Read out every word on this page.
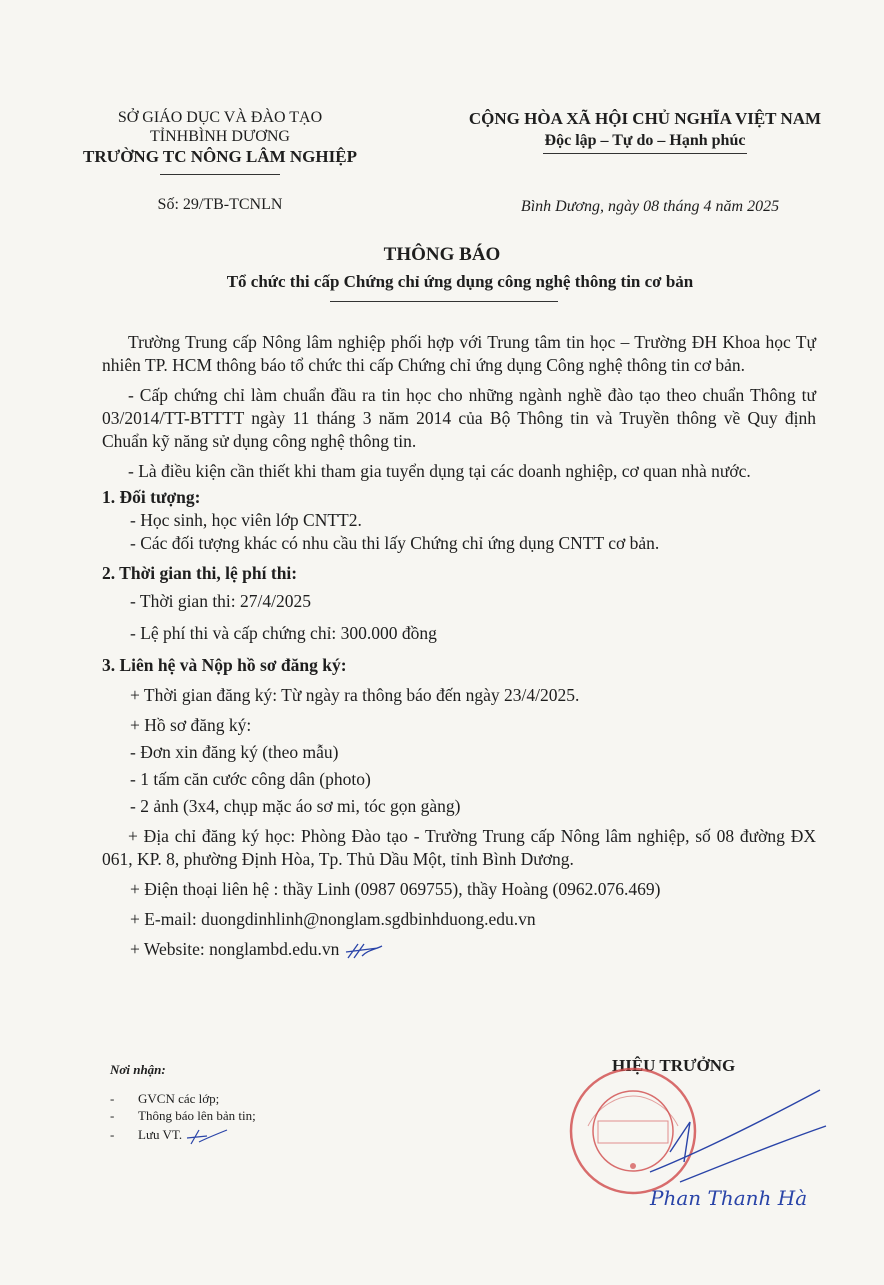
SỞ GIÁO DỤC VÀ ĐÀO TẠO
TỈNHBÌNH DƯƠNG
TRƯỜNG TC NÔNG LÂM NGHIỆP
CỘNG HÒA XÃ HỘI CHỦ NGHĨA VIỆT NAM
Độc lập – Tự do – Hạnh phúc
Số: 29/TB-TCNLN	Bình Dương, ngày 08 tháng 4 năm 2025
THÔNG BÁO
Tổ chức thi cấp Chứng chỉ ứng dụng công nghệ thông tin cơ bản

Trường Trung cấp Nông lâm nghiệp phối hợp với Trung tâm tin học – Trường ĐH Khoa học Tự nhiên TP. HCM thông báo tổ chức thi cấp Chứng chỉ ứng dụng Công nghệ thông tin cơ bản.

- Cấp chứng chỉ làm chuẩn đầu ra tin học cho những ngành nghề đào tạo theo chuẩn Thông tư 03/2014/TT-BTTTT ngày 11 tháng 3 năm 2014 của Bộ Thông tin và Truyền thông về Quy định Chuẩn kỹ năng sử dụng công nghệ thông tin.

- Là điều kiện cần thiết khi tham gia tuyển dụng tại các doanh nghiệp, cơ quan nhà nước.

1. Đối tượng:

- Học sinh, học viên lớp CNTT2.

- Các đối tượng khác có nhu cầu thi lấy Chứng chỉ ứng dụng CNTT cơ bản.

2. Thời gian thi, lệ phí thi:

- Thời gian thi: 27/4/2025

- Lệ phí thi và cấp chứng chỉ: 300.000 đồng

3. Liên hệ và Nộp hồ sơ đăng ký:

+ Thời gian đăng ký: Từ ngày ra thông báo đến ngày 23/4/2025.

+ Hồ sơ đăng ký:

- Đơn xin đăng ký (theo mẫu)

- 1 tấm căn cước công dân (photo)

- 2 ảnh (3x4, chụp mặc áo sơ mi, tóc gọn gàng)

+ Địa chỉ đăng ký học: Phòng Đào tạo - Trường Trung cấp Nông lâm nghiệp, số 08 đường ĐX 061, KP. 8, phường Định Hòa, Tp. Thủ Dầu Một, tỉnh Bình Dương.

+ Điện thoại liên hệ : thầy Linh (0987 069755), thầy Hoàng (0962.076.469)

+ E-mail: duongdinhlinh@nonglam.sgdbinhduong.edu.vn

+ Website: nonglambd.edu.vn

Nơi nhận:
- GVCN các lớp;
- Thông báo lên bản tin;
- Lưu VT.
HIỆU TRƯỞNG
Phan Thanh Hà
